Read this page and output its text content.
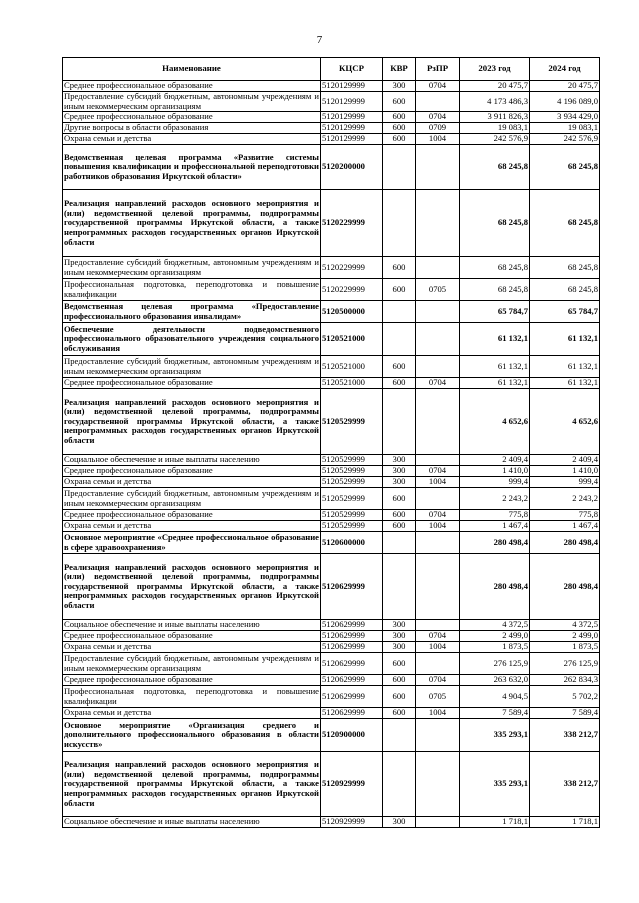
7
Наименование	КЦСР	КВР	РзПР	2023 год	2024 год
Среднее профессиональное образование	5120129999	300	0704	20 475,7	20 475,7
Предоставление субсидий бюджетным, автономным учреждениям и иным некоммерческим организациям	5120129999	600		4 173 486,3	4 196 089,0
Среднее профессиональное образование	5120129999	600	0704	3 911 826,3	3 934 429,0
Другие вопросы в области образования	5120129999	600	0709	19 083,1	19 083,1
Охрана семьи и детства	5120129999	600	1004	242 576,9	242 576,9
Ведомственная целевая программа «Развитие системы повышения квалификации и профессиональной переподготовки работников образования Иркутской области»	5120200000			68 245,8	68 245,8
Реализация направлений расходов основного мероприятия и (или) ведомственной целевой программы, подпрограммы государственной программы Иркутской области, а также непрограммных расходов государственных органов Иркутской области	5120229999			68 245,8	68 245,8
Предоставление субсидий бюджетным, автономным учреждениям и иным некоммерческим организациям	5120229999	600		68 245,8	68 245,8
Профессиональная подготовка, переподготовка и повышение квалификации	5120229999	600	0705	68 245,8	68 245,8
Ведомственная целевая программа «Предоставление профессионального образования инвалидам»	5120500000			65 784,7	65 784,7
Обеспечение деятельности подведомственного профессионального образовательного учреждения социального обслуживания	5120521000			61 132,1	61 132,1
Предоставление субсидий бюджетным, автономным учреждениям и иным некоммерческим организациям	5120521000	600		61 132,1	61 132,1
Среднее профессиональное образование	5120521000	600	0704	61 132,1	61 132,1
Реализация направлений расходов основного мероприятия и (или) ведомственной целевой программы, подпрограммы государственной программы Иркутской области, а также непрограммных расходов государственных органов Иркутской области	5120529999			4 652,6	4 652,6
Социальное обеспечение и иные выплаты населению	5120529999	300		2 409,4	2 409,4
Среднее профессиональное образование	5120529999	300	0704	1 410,0	1 410,0
Охрана семьи и детства	5120529999	300	1004	999,4	999,4
Предоставление субсидий бюджетным, автономным учреждениям и иным некоммерческим организациям	5120529999	600		2 243,2	2 243,2
Среднее профессиональное образование	5120529999	600	0704	775,8	775,8
Охрана семьи и детства	5120529999	600	1004	1 467,4	1 467,4
Основное мероприятие «Среднее профессиональное образование в сфере здравоохранения»	5120600000			280 498,4	280 498,4
Реализация направлений расходов основного мероприятия и (или) ведомственной целевой программы, подпрограммы государственной программы Иркутской области, а также непрограммных расходов государственных органов Иркутской области	5120629999			280 498,4	280 498,4
Социальное обеспечение и иные выплаты населению	5120629999	300		4 372,5	4 372,5
Среднее профессиональное образование	5120629999	300	0704	2 499,0	2 499,0
Охрана семьи и детства	5120629999	300	1004	1 873,5	1 873,5
Предоставление субсидий бюджетным, автономным учреждениям и иным некоммерческим организациям	5120629999	600		276 125,9	276 125,9
Среднее профессиональное образование	5120629999	600	0704	263 632,0	262 834,3
Профессиональная подготовка, переподготовка и повышение квалификации	5120629999	600	0705	4 904,5	5 702,2
Охрана семьи и детства	5120629999	600	1004	7 589,4	7 589,4
Основное мероприятие «Организация среднего и дополнительного профессионального образования в области искусств»	5120900000			335 293,1	338 212,7
Реализация направлений расходов основного мероприятия и (или) ведомственной целевой программы, подпрограммы государственной программы Иркутской области, а также непрограммных расходов государственных органов Иркутской области	5120929999			335 293,1	338 212,7
Социальное обеспечение и иные выплаты населению	5120929999	300		1 718,1	1 718,1
